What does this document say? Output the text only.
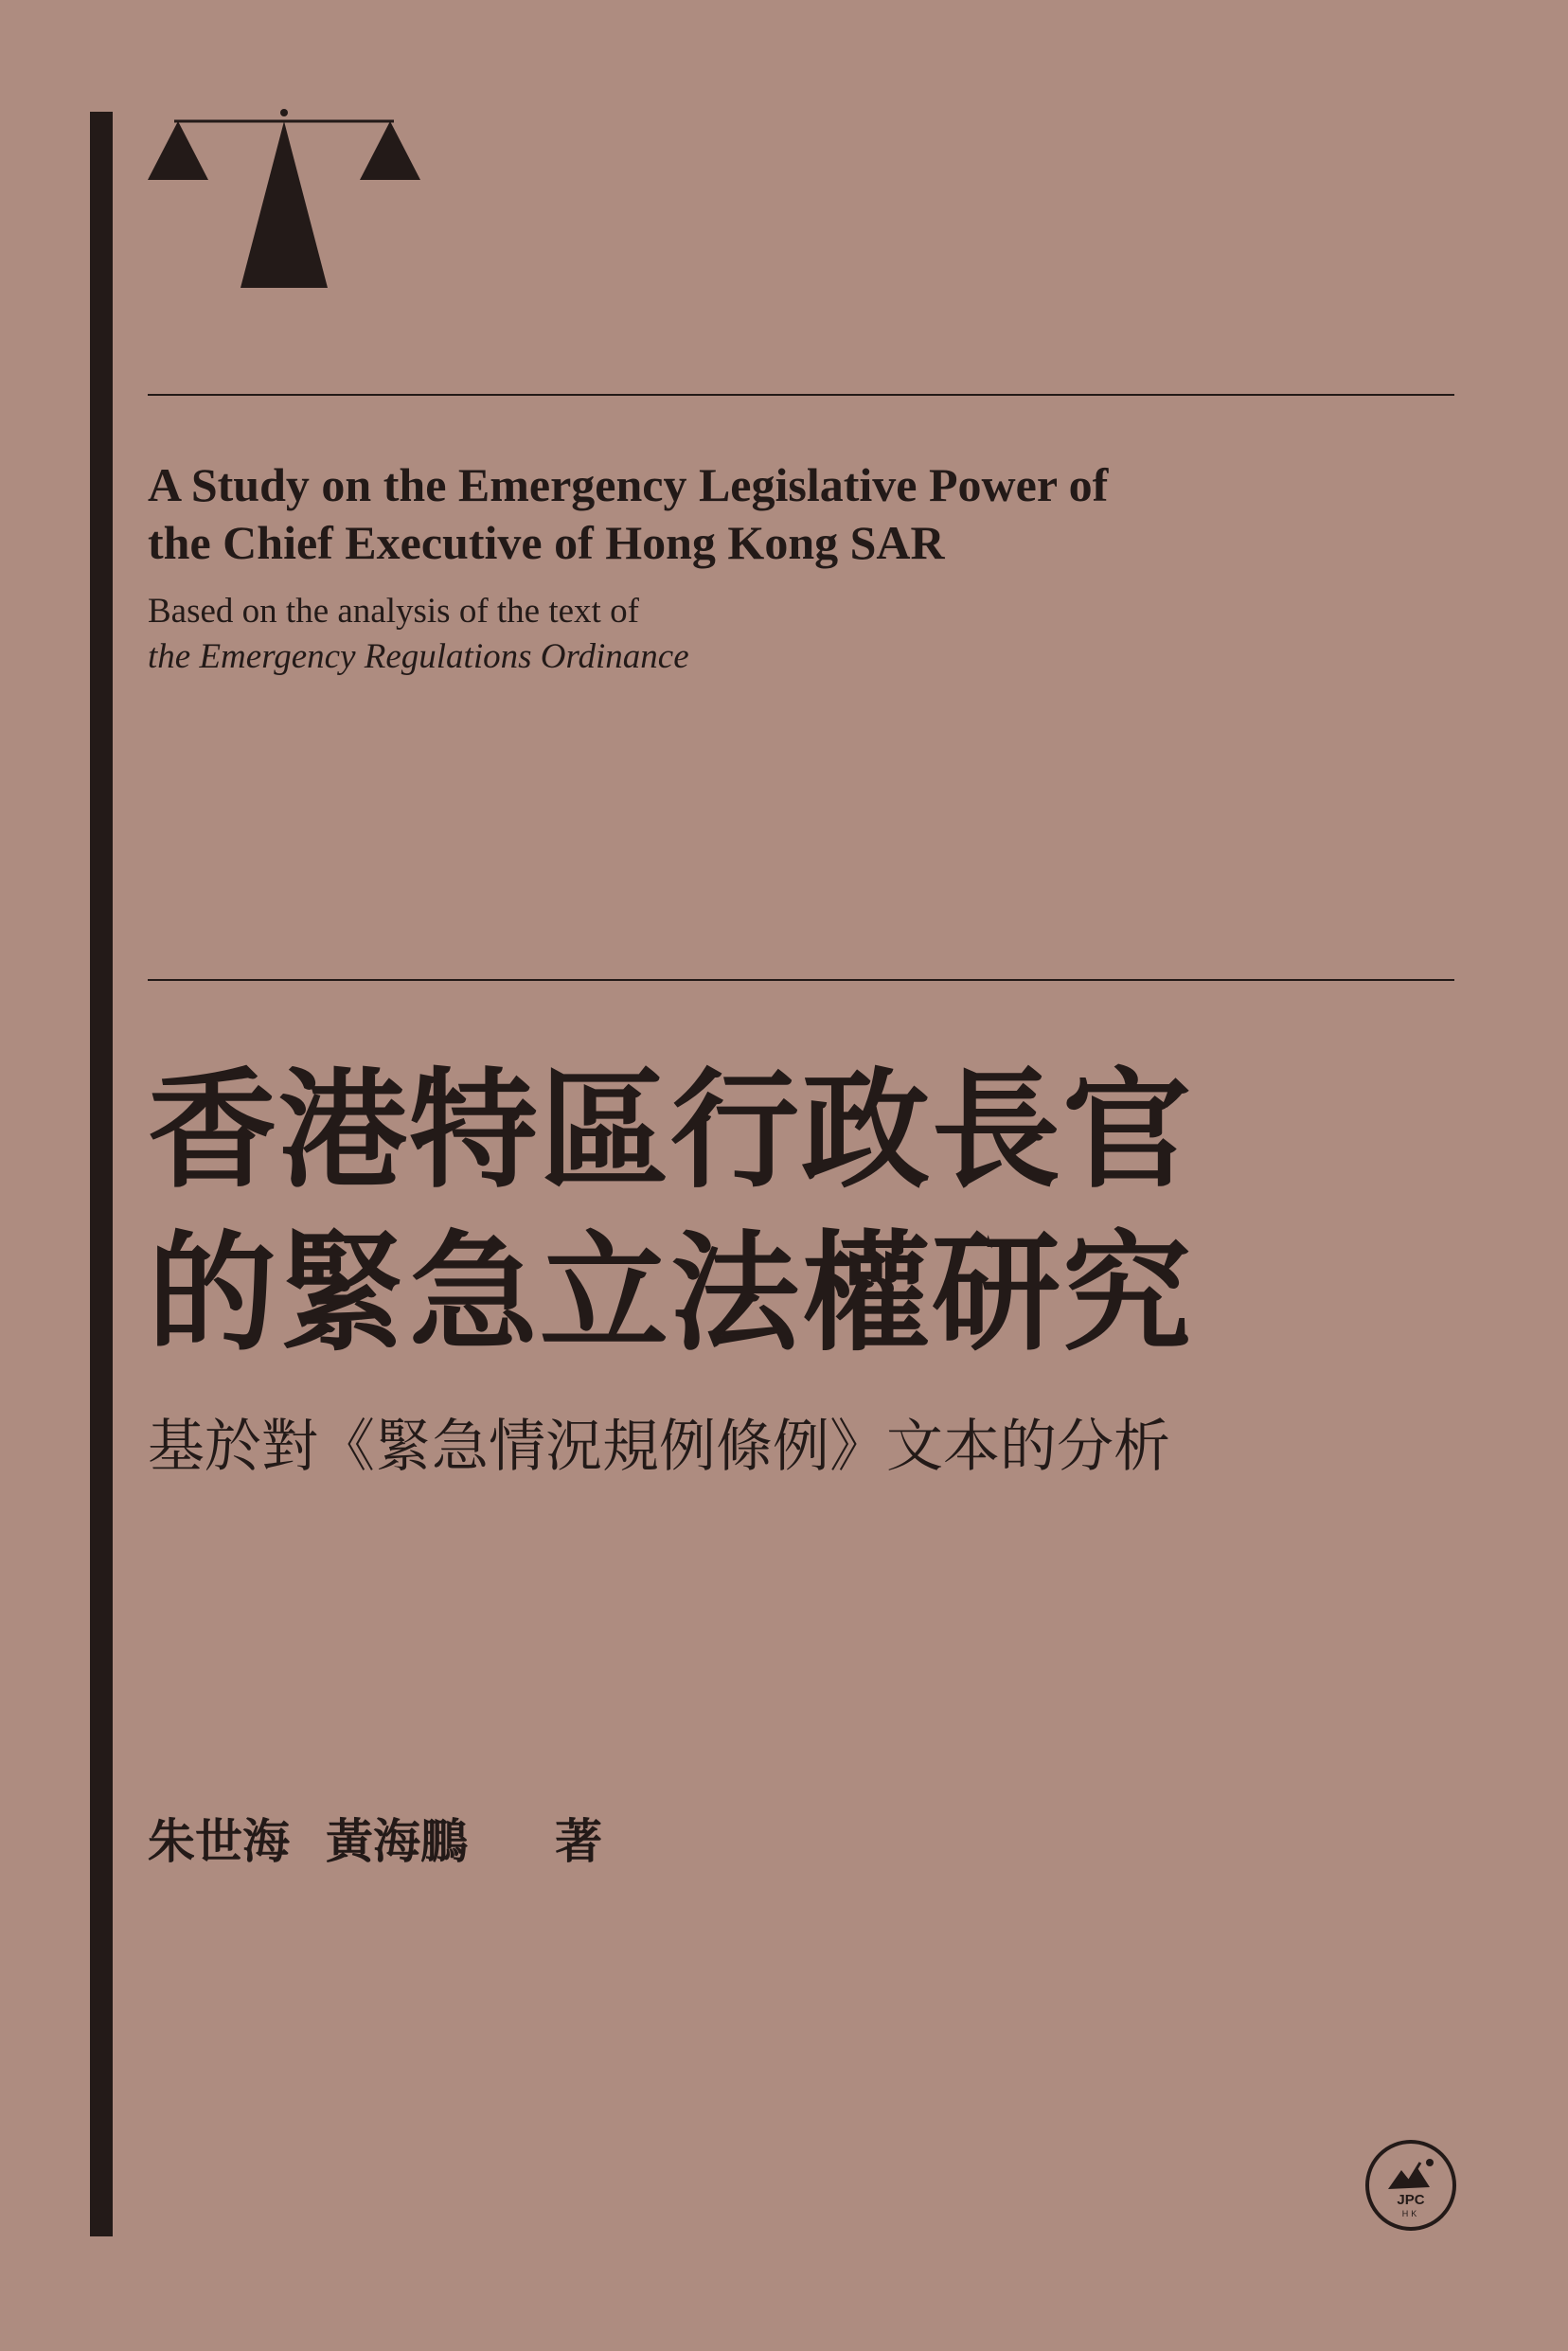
A Study on the Emergency Legislative Power of
the Chief Executive of Hong Kong SAR
Based on the analysis of the text of
the Emergency Regulations Ordinance
香港特區行政長官
的緊急立法權研究
基於對《緊急情況規例條例》文本的分析
朱世海 黃海鵬 著
JPC
HK
